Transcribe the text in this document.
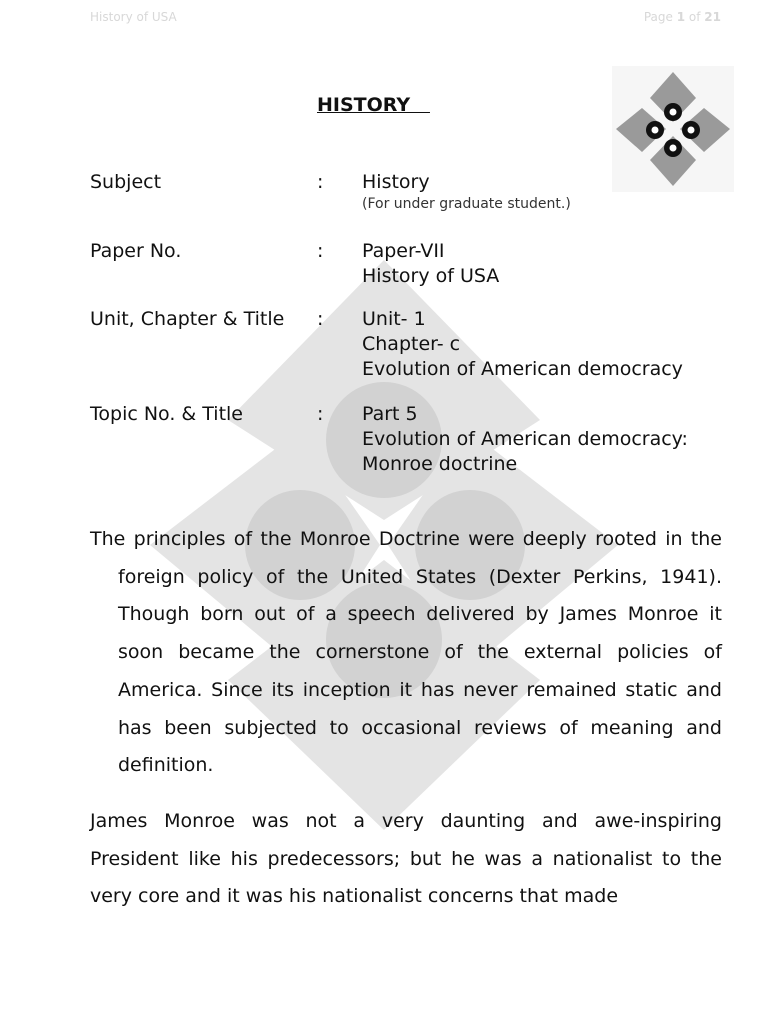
History of USA	Page 1 of 21
HISTORY
Subject	: History
(For under graduate student.)
Paper No.	: Paper-VII
History of USA
Unit, Chapter & Title : Unit- 1
Chapter- c
Evolution of American democracy
Topic No. & Title	: Part 5
Evolution of American democracy:
Monroe doctrine

The principles of the Monroe Doctrine were deeply rooted in the foreign policy of the United States (Dexter Perkins, 1941). Though born out of a speech delivered by James Monroe it soon became the cornerstone of the external policies of America. Since its inception it has never remained static and has been subjected to occasional reviews of meaning and definition.

James Monroe was not a very daunting and awe-inspiring President like his predecessors; but he was a nationalist to the very core and it was his nationalist concerns that made
